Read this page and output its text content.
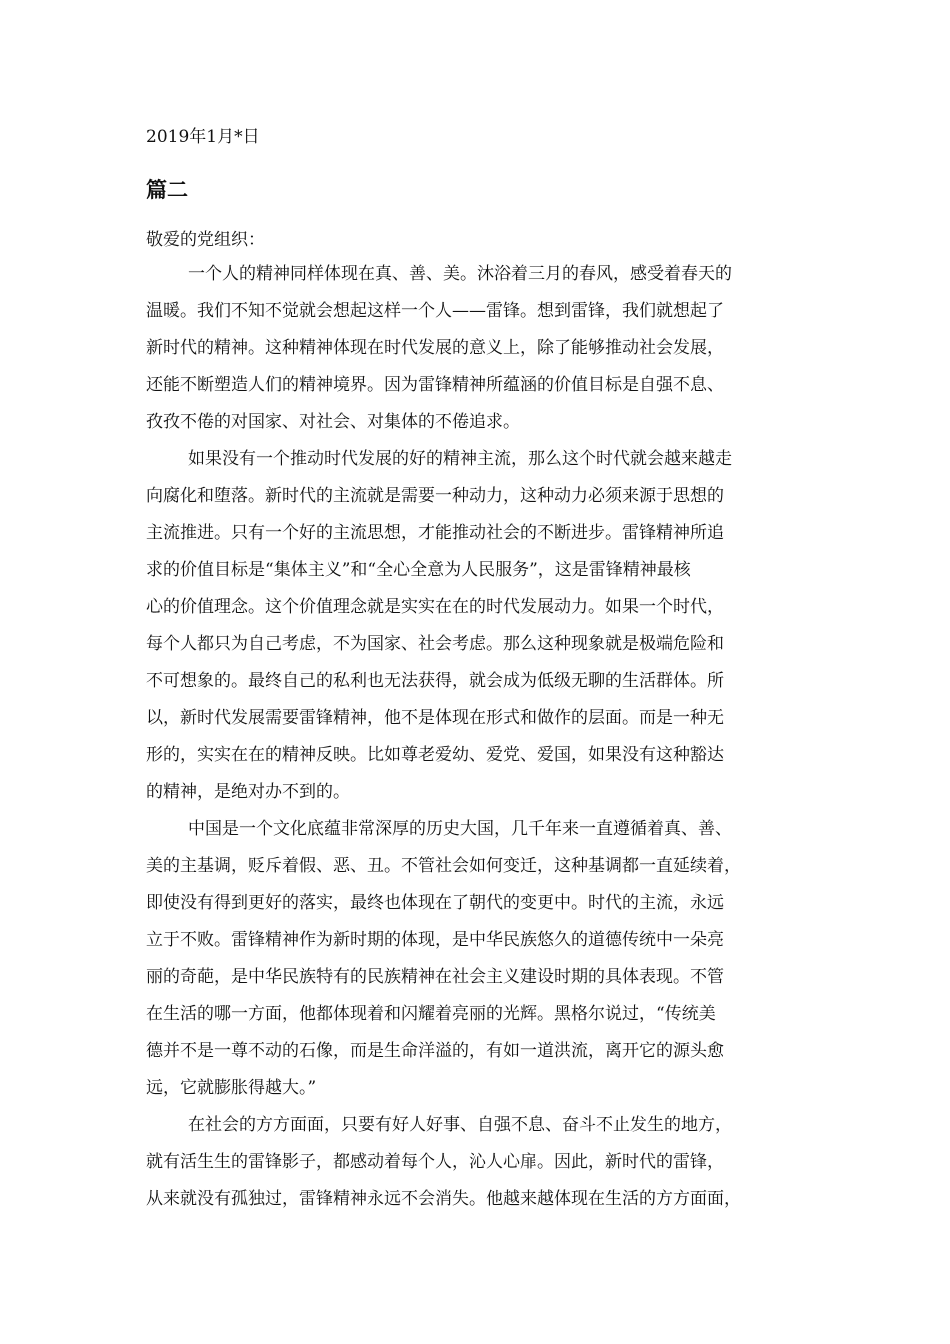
2019年1月*日
篇二
敬爱的党组织：
一个人的精神同样体现在真、善、美。沐浴着三月的春风，感受着春天的
温暖。我们不知不觉就会想起这样一个人——雷锋。想到雷锋，我们就想起了
新时代的精神。这种精神体现在时代发展的意义上，除了能够推动社会发展，
还能不断塑造人们的精神境界。因为雷锋精神所蕴涵的价值目标是自强不息、
孜孜不倦的对国家、对社会、对集体的不倦追求。
如果没有一个推动时代发展的好的精神主流，那么这个时代就会越来越走
向腐化和堕落。新时代的主流就是需要一种动力，这种动力必须来源于思想的
主流推进。只有一个好的主流思想，才能推动社会的不断进步。雷锋精神所追
求的价值目标是“集体主义”和“全心全意为人民服务”，这是雷锋精神最核
心的价值理念。这个价值理念就是实实在在的时代发展动力。如果一个时代，
每个人都只为自己考虑，不为国家、社会考虑。那么这种现象就是极端危险和
不可想象的。最终自己的私利也无法获得，就会成为低级无聊的生活群体。所
以，新时代发展需要雷锋精神，他不是体现在形式和做作的层面。而是一种无
形的，实实在在的精神反映。比如尊老爱幼、爱党、爱国，如果没有这种豁达
的精神，是绝对办不到的。
中国是一个文化底蕴非常深厚的历史大国，几千年来一直遵循着真、善、
美的主基调，贬斥着假、恶、丑。不管社会如何变迁，这种基调都一直延续着，
即使没有得到更好的落实，最终也体现在了朝代的变更中。时代的主流，永远
立于不败。雷锋精神作为新时期的体现，是中华民族悠久的道德传统中一朵亮
丽的奇葩，是中华民族特有的民族精神在社会主义建设时期的具体表现。不管
在生活的哪一方面，他都体现着和闪耀着亮丽的光辉。黑格尔说过，“传统美
德并不是一尊不动的石像，而是生命洋溢的，有如一道洪流，离开它的源头愈
远，它就膨胀得越大。”
在社会的方方面面，只要有好人好事、自强不息、奋斗不止发生的地方，
就有活生生的雷锋影子，都感动着每个人，沁人心扉。因此，新时代的雷锋，
从来就没有孤独过，雷锋精神永远不会消失。他越来越体现在生活的方方面面，
